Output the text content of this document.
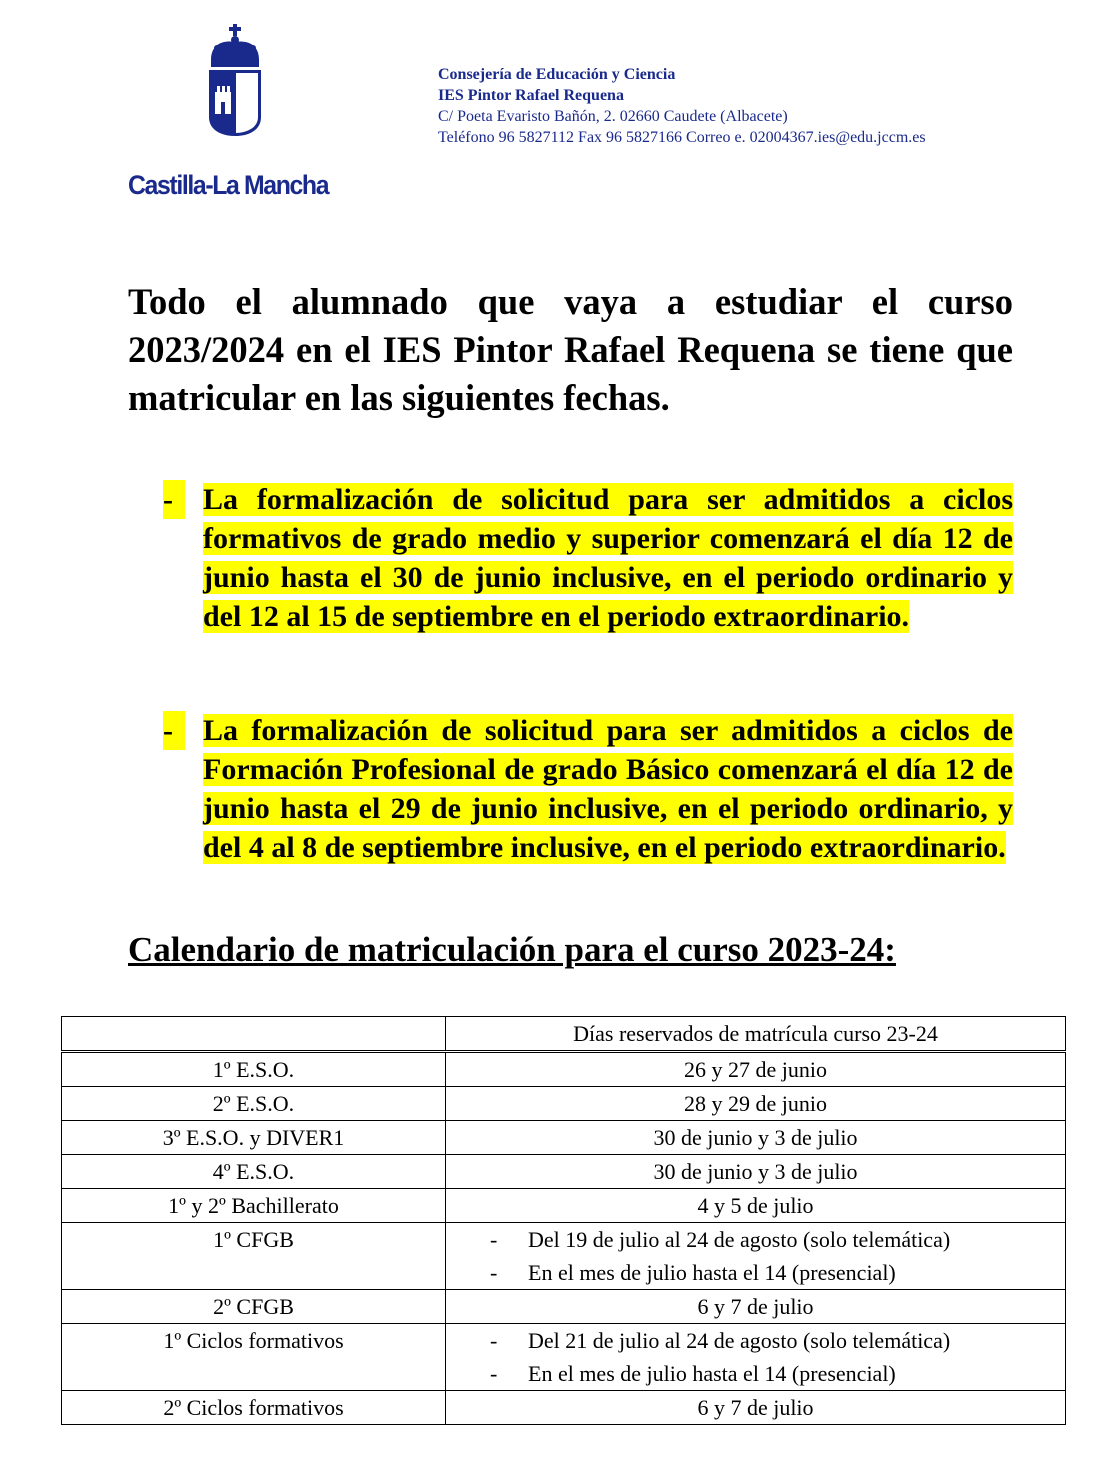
Castilla-La Mancha
Consejería de Educación y Ciencia
IES Pintor Rafael Requena
C/ Poeta Evaristo Bañón, 2. 02660 Caudete (Albacete)
Teléfono 96 5827112 Fax 96 5827166 Correo e. 02004367.ies@edu.jccm.es
Todo el alumnado que vaya a estudiar el curso 2023/2024 en el IES Pintor Rafael Requena se tiene que matricular en las siguientes fechas.
-	La formalización de solicitud para ser admitidos a ciclos formativos de grado medio y superior comenzará el día 12 de junio hasta el 30 de junio inclusive, en el periodo ordinario y del 12 al 15 de septiembre en el periodo extraordinario.
-	La formalización de solicitud para ser admitidos a ciclos de Formación Profesional de grado Básico comenzará el día 12 de junio hasta el 29 de junio inclusive, en el periodo ordinario, y del 4 al 8 de septiembre inclusive, en el periodo extraordinario.
Calendario de matriculación para el curso 2023-24:
	Días reservados de matrícula curso 23-24
1º E.S.O.	26 y 27 de junio
2º E.S.O.	28 y 29 de junio
3º E.S.O. y DIVER1	30 de junio y 3 de julio
4º E.S.O.	30 de junio y 3 de julio
1º y 2º Bachillerato	4 y 5 de julio
1º CFGB	- Del 19 de julio al 24 de agosto (solo telemática)
- En el mes de julio hasta el 14 (presencial)

2º CFGB	6 y 7 de julio
1º Ciclos formativos	- Del 21 de julio al 24 de agosto (solo telemática)
- En el mes de julio hasta el 14 (presencial)

2º Ciclos formativos	6 y 7 de julio
